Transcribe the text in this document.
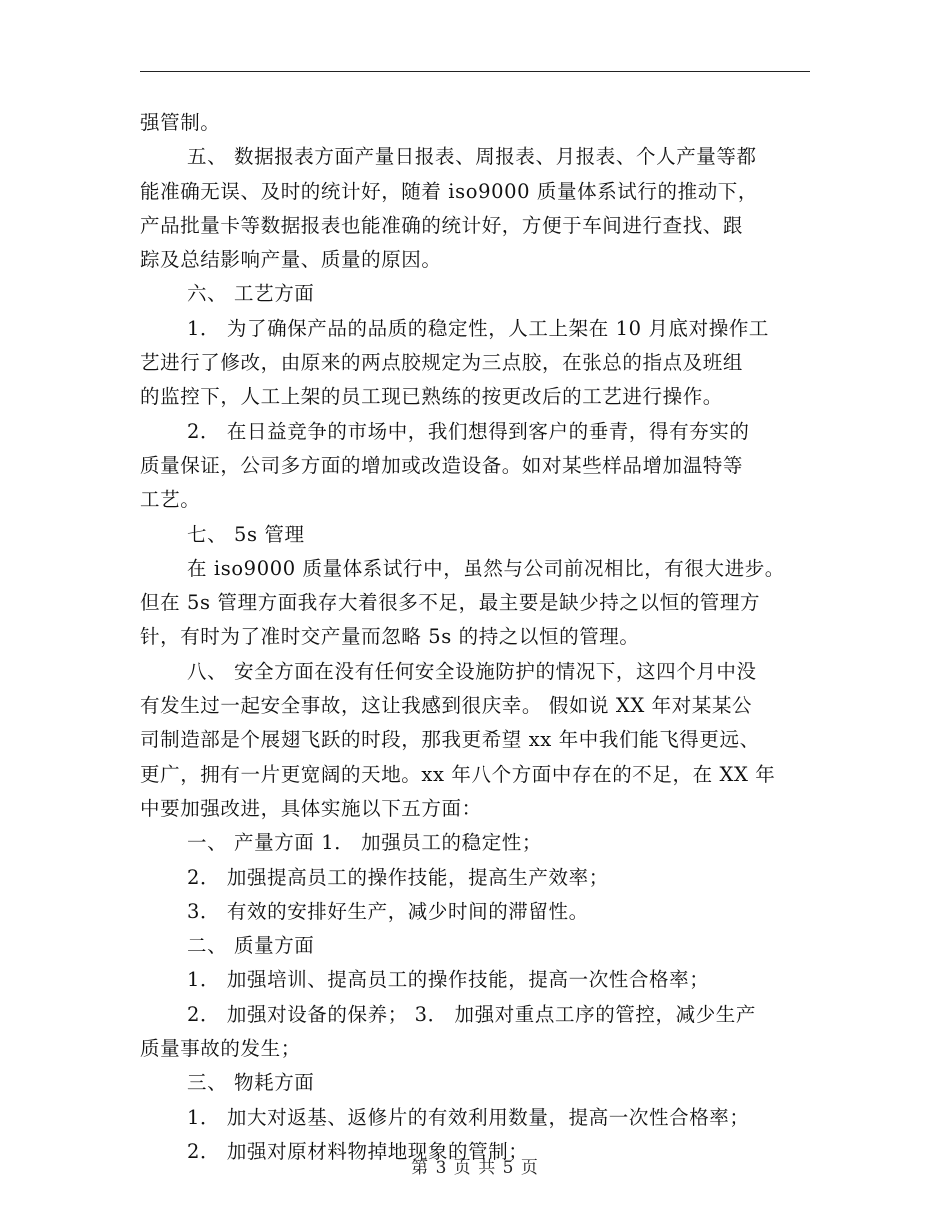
强管制。

五、 数据报表方面产量日报表、周报表、月报表、个人产量等都

能准确无误、及时的统计好，随着 iso9000 质量体系试行的推动下，

产品批量卡等数据报表也能准确的统计好，方便于车间进行查找、跟

踪及总结影响产量、质量的原因。

六、 工艺方面

1． 为了确保产品的品质的稳定性，人工上架在 10 月底对操作工

艺进行了修改，由原来的两点胶规定为三点胶，在张总的指点及班组

的监控下，人工上架的员工现已熟练的按更改后的工艺进行操作。

2． 在日益竞争的市场中，我们想得到客户的垂青，得有夯实的

质量保证，公司多方面的增加或改造设备。如对某些样品增加温特等

工艺。

七、 5s 管理

在 iso9000 质量体系试行中，虽然与公司前况相比，有很大进步。

但在 5s 管理方面我存大着很多不足，最主要是缺少持之以恒的管理方

针，有时为了准时交产量而忽略 5s 的持之以恒的管理。

八、 安全方面在没有任何安全设施防护的情况下，这四个月中没

有发生过一起安全事故，这让我感到很庆幸。 假如说 XX 年对某某公

司制造部是个展翅飞跃的时段，那我更希望 xx 年中我们能飞得更远、

更广，拥有一片更宽阔的天地。xx 年八个方面中存在的不足，在 XX 年

中要加强改进，具体实施以下五方面：

一、 产量方面 1． 加强员工的稳定性；

2． 加强提高员工的操作技能，提高生产效率；

3． 有效的安排好生产，减少时间的滞留性。

二、 质量方面

1． 加强培训、提高员工的操作技能，提高一次性合格率；

2． 加强对设备的保养； 3． 加强对重点工序的管控，减少生产

质量事故的发生；

三、 物耗方面

1． 加大对返基、返修片的有效利用数量，提高一次性合格率；

2． 加强对原材料物掉地现象的管制；

第 3 页 共 5 页
